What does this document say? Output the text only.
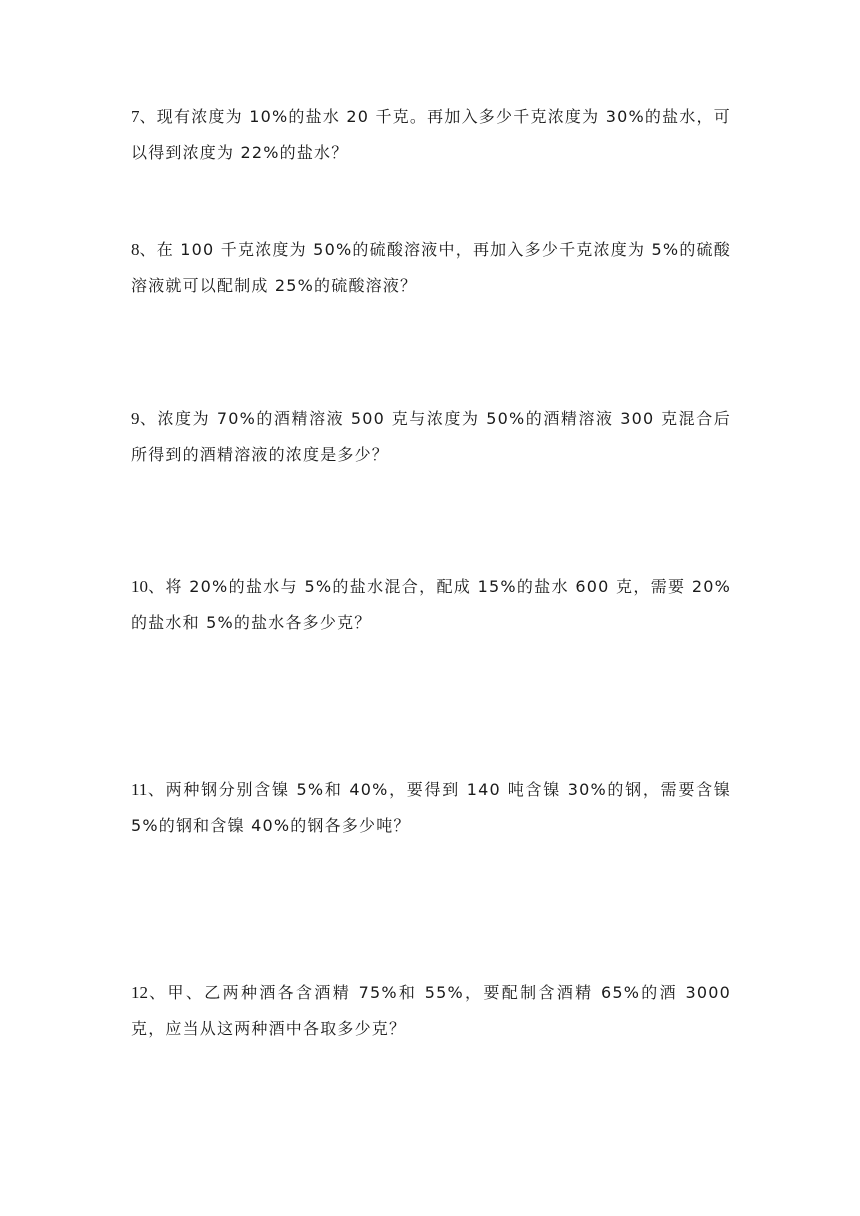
7、现有浓度为 10%的盐水 20 千克。再加入多少千克浓度为 30%的盐水，可以得到浓度为 22%的盐水？
8、在 100 千克浓度为 50%的硫酸溶液中，再加入多少千克浓度为 5%的硫酸溶液就可以配制成 25%的硫酸溶液？
9、浓度为 70%的酒精溶液 500 克与浓度为 50%的酒精溶液 300 克混合后所得到的酒精溶液的浓度是多少？
10、将 20%的盐水与 5%的盐水混合，配成 15%的盐水 600 克，需要 20%的盐水和 5%的盐水各多少克？
11、两种钢分别含镍 5%和 40%，要得到 140 吨含镍 30%的钢，需要含镍 5%的钢和含镍 40%的钢各多少吨？
12、甲、乙两种酒各含酒精 75%和 55%，要配制含酒精 65%的酒 3000 克，应当从这两种酒中各取多少克？
